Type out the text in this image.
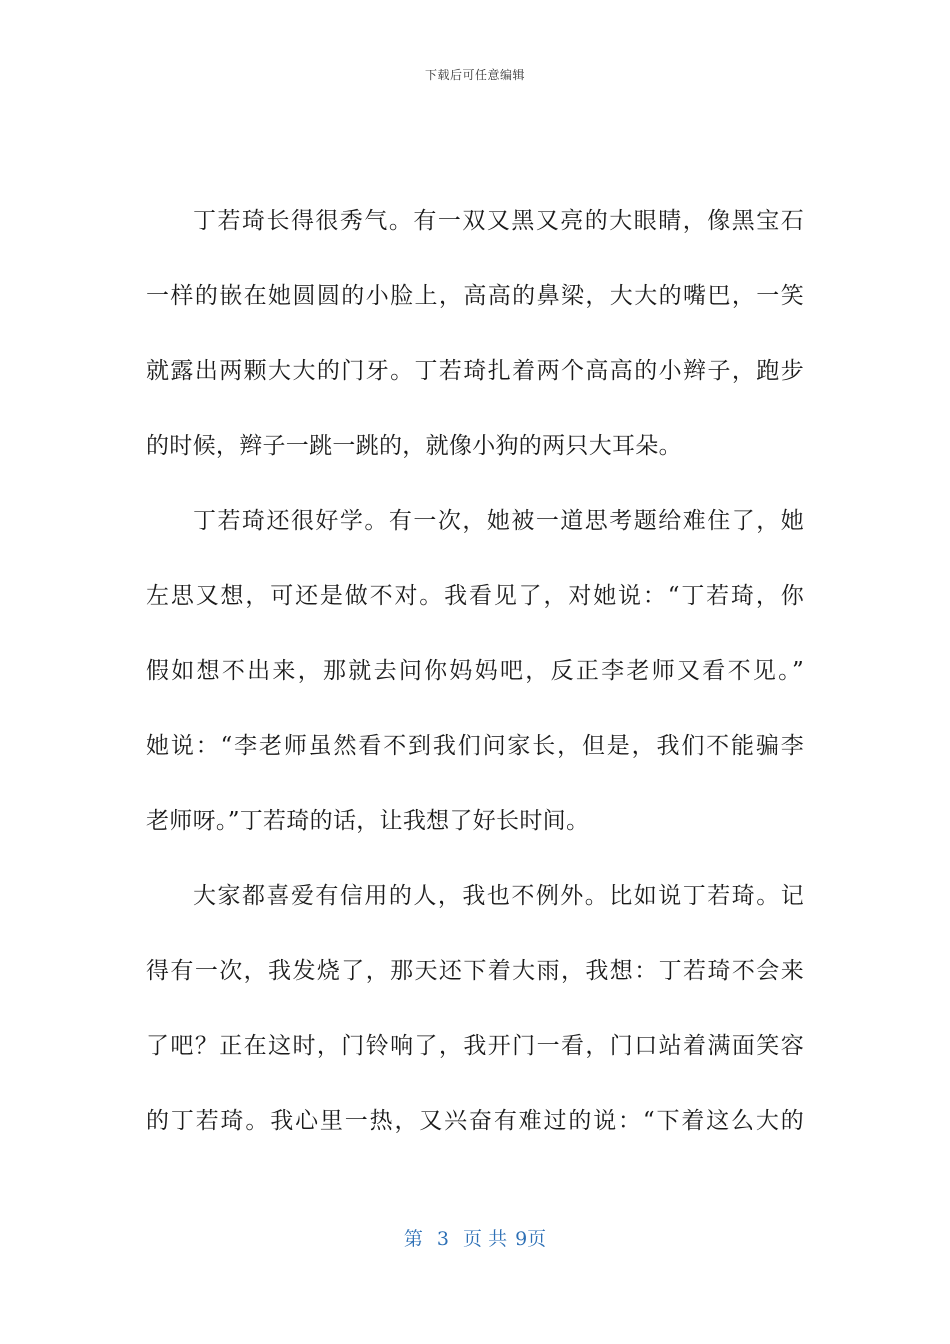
下载后可任意编辑
丁若琦长得很秀气。有一双又黑又亮的大眼睛，像黑宝石
一样的嵌在她圆圆的小脸上，高高的鼻梁，大大的嘴巴，一笑
就露出两颗大大的门牙。丁若琦扎着两个高高的小辫子，跑步
的时候，辫子一跳一跳的，就像小狗的两只大耳朵。
丁若琦还很好学。有一次，她被一道思考题给难住了，她
左思又想，可还是做不对。我看见了，对她说：“丁若琦，你
假如想不出来，那就去问你妈妈吧，反正李老师又看不见。”
她说：“李老师虽然看不到我们问家长，但是，我们不能骗李
老师呀。”丁若琦的话，让我想了好长时间。
大家都喜爱有信用的人，我也不例外。比如说丁若琦。记
得有一次，我发烧了，那天还下着大雨，我想：丁若琦不会来
了吧？正在这时，门铃响了，我开门一看，门口站着满面笑容
的丁若琦。我心里一热，又兴奋有难过的说：“下着这么大的
第 3 页 共 9页
